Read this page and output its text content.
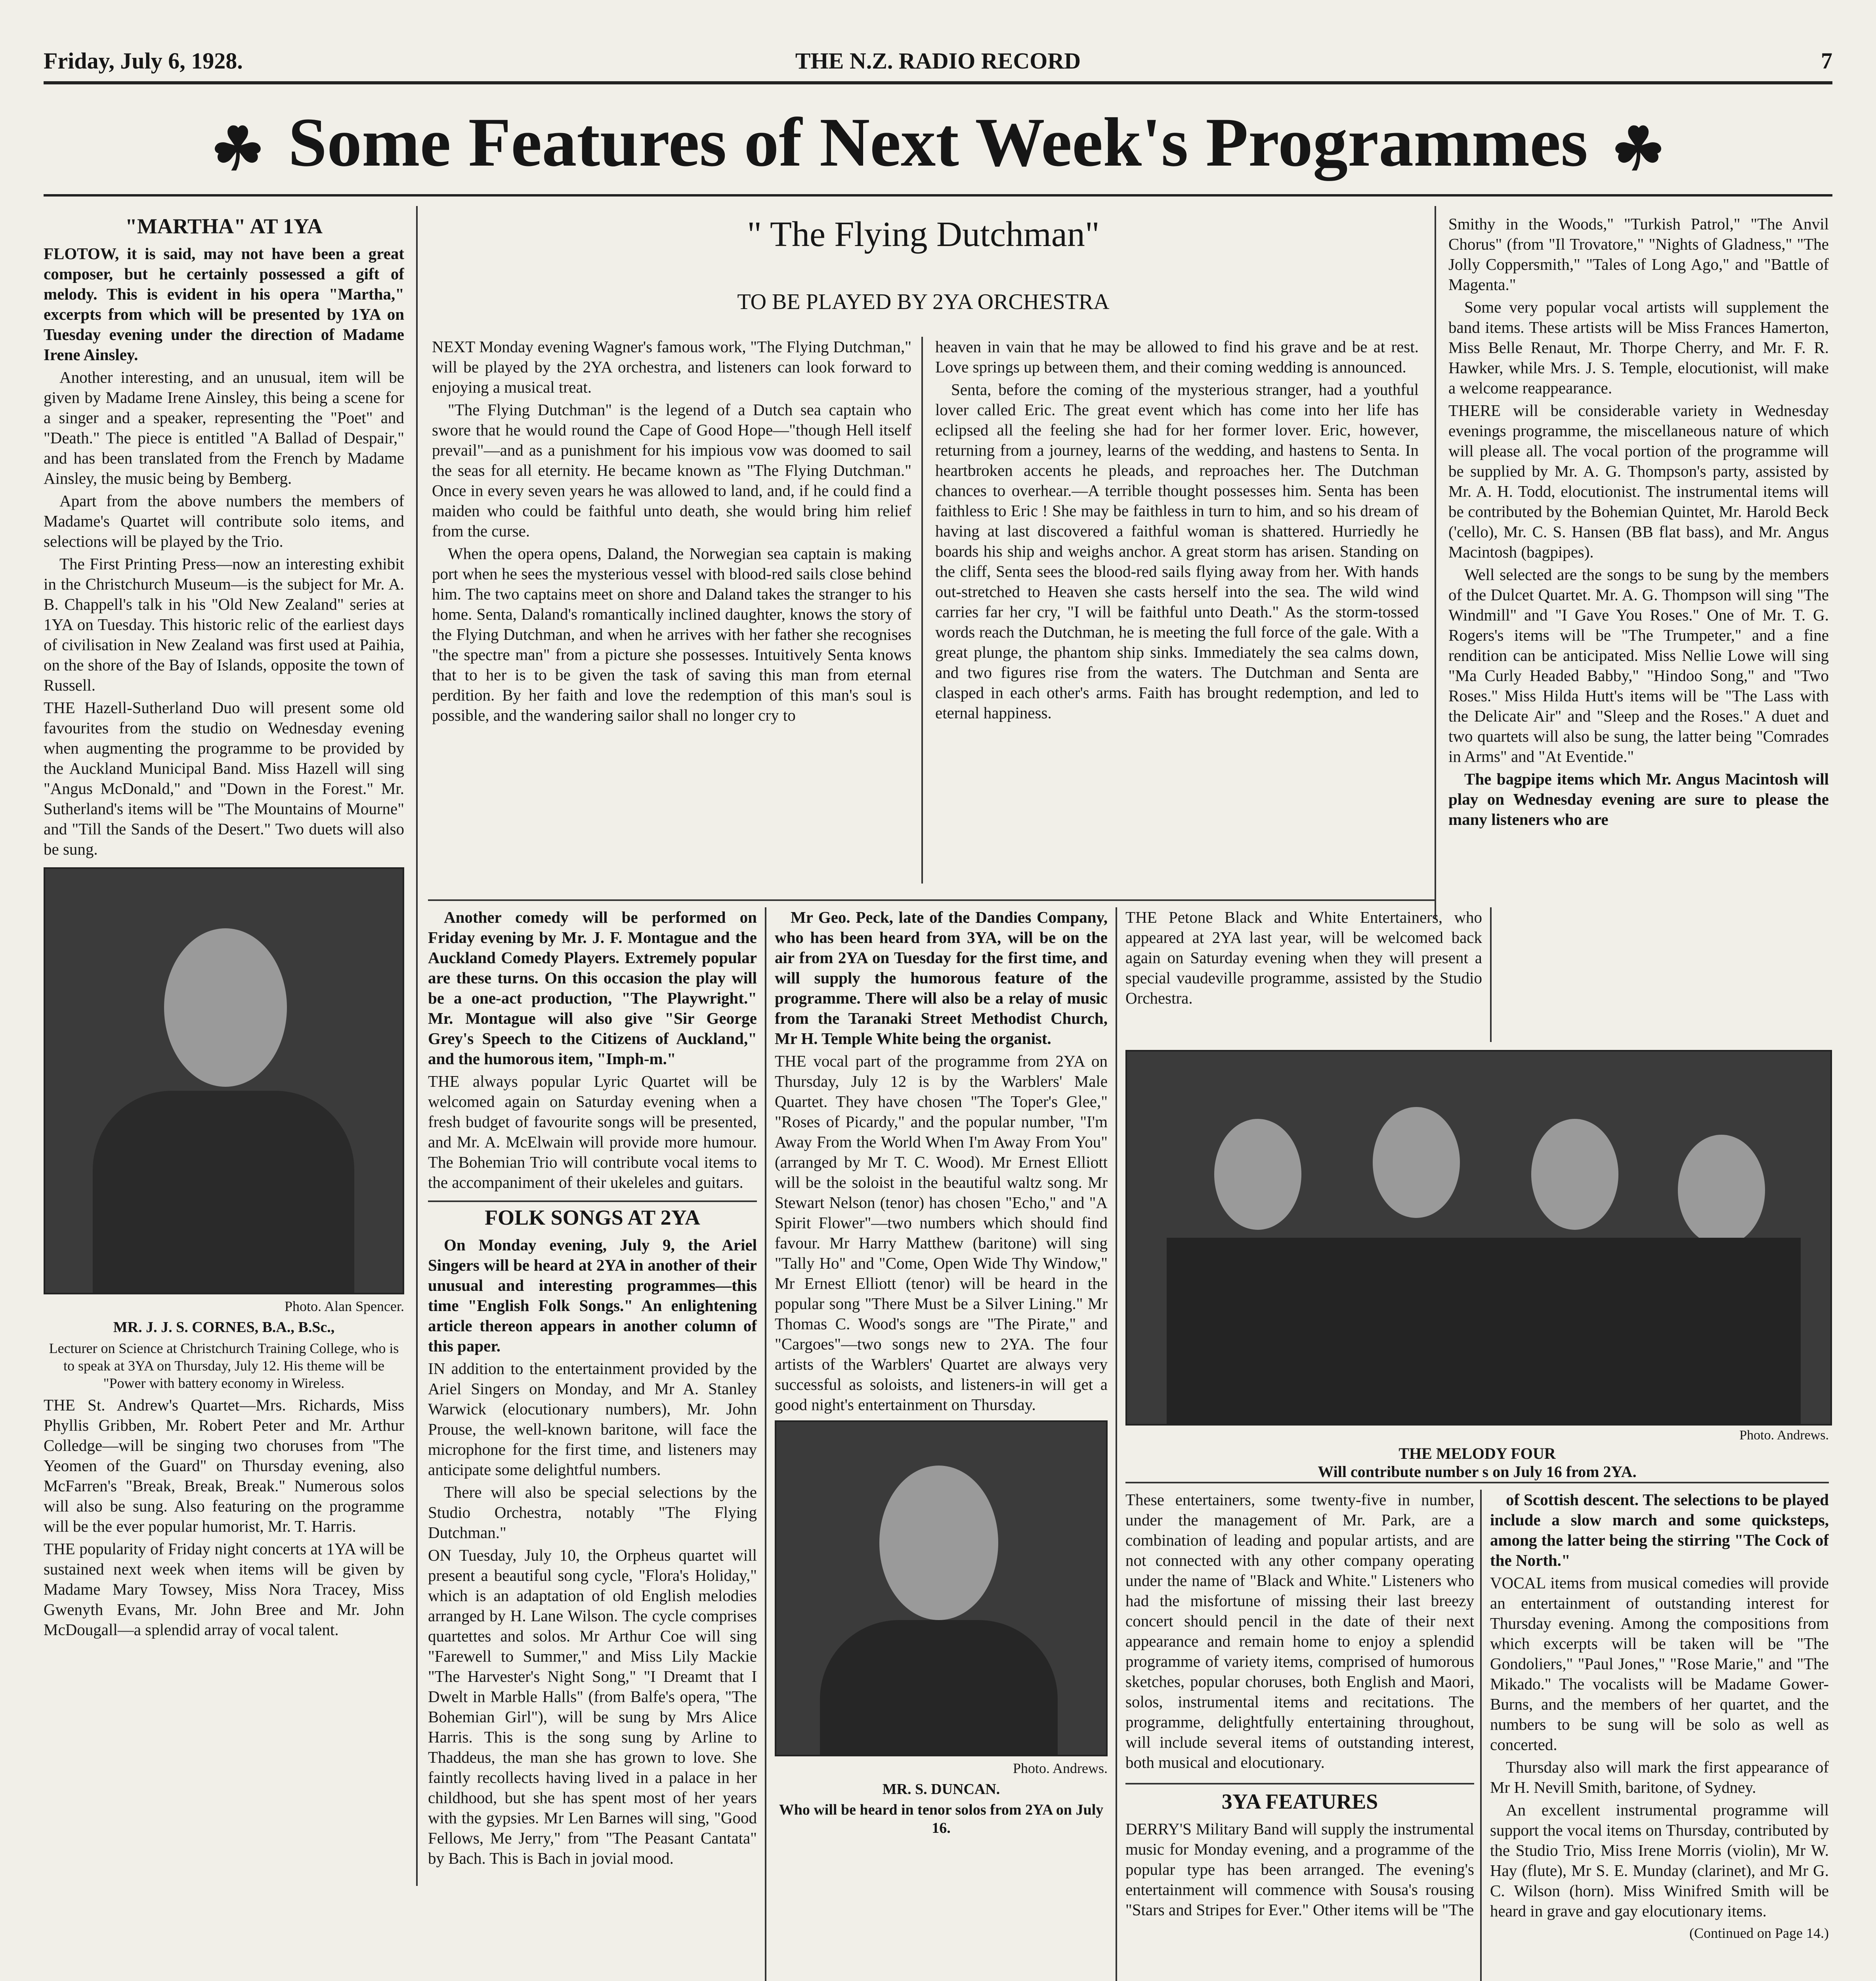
Friday, July 6, 1928.	THE N.Z. RADIO RECORD	7
☘ Some Features of Next Week's Programmes ☘

"MARTHA" AT 1YA

FLOTOW, it is said, may not have been a great composer, but he certainly possessed a gift of melody. This is evident in his opera "Martha," excerpts from which will be presented by 1YA on Tuesday evening under the direction of Madame Irene Ainsley.

Another interesting, and an unusual, item will be given by Madame Irene Ainsley, this being a scene for a singer and a speaker, representing the "Poet" and "Death." The piece is entitled "A Ballad of Despair," and has been translated from the French by Madame Ainsley, the music being by Bemberg.

Apart from the above numbers the members of Madame's Quartet will contribute solo items, and selections will be played by the Trio.

The First Printing Press—now an interesting exhibit in the Christchurch Museum—is the subject for Mr. A. B. Chappell's talk in his "Old New Zealand" series at 1YA on Tuesday. This historic relic of the earliest days of civilisation in New Zealand was first used at Paihia, on the shore of the Bay of Islands, opposite the town of Russell.

THE Hazell-Sutherland Duo will present some old favourites from the studio on Wednesday evening when augmenting the programme to be provided by the Auckland Municipal Band. Miss Hazell will sing "Angus McDonald," and "Down in the Forest." Mr. Sutherland's items will be "The Mountains of Mourne" and "Till the Sands of the Desert." Two duets will also be sung.

Photo. Alan Spencer.

MR. J. J. S. CORNES, B.A., B.Sc.,

Lecturer on Science at Christchurch Training College, who is to speak at 3YA on Thursday, July 12. His theme will be "Power with battery economy in Wireless.

THE St. Andrew's Quartet—Mrs. Richards, Miss Phyllis Gribben, Mr. Robert Peter and Mr. Arthur Colledge—will be singing two choruses from "The Yeomen of the Guard" on Thursday evening, also McFarren's "Break, Break, Break." Numerous solos will also be sung. Also featuring on the programme will be the ever popular humorist, Mr. T. Harris.

THE popularity of Friday night concerts at 1YA will be sustained next week when items will be given by Madame Mary Towsey, Miss Nora Tracey, Miss Gwenyth Evans, Mr. John Bree and Mr. John McDougall—a splendid array of vocal talent.

" The Flying Dutchman"
TO BE PLAYED BY 2YA ORCHESTRA

NEXT Monday evening Wagner's famous work, "The Flying Dutchman," will be played by the 2YA orchestra, and listeners can look forward to enjoying a musical treat.

"The Flying Dutchman" is the legend of a Dutch sea captain who swore that he would round the Cape of Good Hope—"though Hell itself prevail"—and as a punishment for his impious vow was doomed to sail the seas for all eternity. He became known as "The Flying Dutchman." Once in every seven years he was allowed to land, and, if he could find a maiden who could be faithful unto death, she would bring him relief from the curse.

When the opera opens, Daland, the Norwegian sea captain is making port when he sees the mysterious vessel with blood-red sails close behind him. The two captains meet on shore and Daland takes the stranger to his home. Senta, Daland's romantically inclined daughter, knows the story of the Flying Dutchman, and when he arrives with her father she recognises "the spectre man" from a picture she possesses. Intuitively Senta knows that to her is to be given the task of saving this man from eternal perdition. By her faith and love the redemption of this man's soul is possible, and the wandering sailor shall no longer cry to

heaven in vain that he may be allowed to find his grave and be at rest. Love springs up between them, and their coming wedding is announced.

Senta, before the coming of the mysterious stranger, had a youthful lover called Eric. The great event which has come into her life has eclipsed all the feeling she had for her former lover. Eric, however, returning from a journey, learns of the wedding, and hastens to Senta. In heartbroken accents he pleads, and reproaches her. The Dutchman chances to overhear.—A terrible thought possesses him. Senta has been faithless to Eric ! She may be faithless in turn to him, and so his dream of having at last discovered a faithful woman is shattered. Hurriedly he boards his ship and weighs anchor. A great storm has arisen. Standing on the cliff, Senta sees the blood-red sails flying away from her. With hands out-stretched to Heaven she casts herself into the sea. The wild wind carries far her cry, "I will be faithful unto Death." As the storm-tossed words reach the Dutchman, he is meeting the full force of the gale. With a great plunge, the phantom ship sinks. Immediately the sea calms down, and two figures rise from the waters. The Dutchman and Senta are clasped in each other's arms. Faith has brought redemption, and led to eternal happiness.

Smithy in the Woods," "Turkish Patrol," "The Anvil Chorus" (from "Il Trovatore," "Nights of Gladness," "The Jolly Coppersmith," "Tales of Long Ago," and "Battle of Magenta."

Some very popular vocal artists will supplement the band items. These artists will be Miss Frances Hamerton, Miss Belle Renaut, Mr. Thorpe Cherry, and Mr. F. R. Hawker, while Mrs. J. S. Temple, elocutionist, will make a welcome reappearance.

THERE will be considerable variety in Wednesday evenings programme, the miscellaneous nature of which will please all. The vocal portion of the programme will be supplied by Mr. A. G. Thompson's party, assisted by Mr. A. H. Todd, elocutionist. The instrumental items will be contributed by the Bohemian Quintet, Mr. Harold Beck ('cello), Mr. C. S. Hansen (BB flat bass), and Mr. Angus Macintosh (bagpipes).

Well selected are the songs to be sung by the members of the Dulcet Quartet. Mr. A. G. Thompson will sing "The Windmill" and "I Gave You Roses." One of Mr. T. G. Rogers's items will be "The Trumpeter," and a fine rendition can be anticipated. Miss Nellie Lowe will sing "Ma Curly Headed Babby," "Hindoo Song," and "Two Roses." Miss Hilda Hutt's items will be "The Lass with the Delicate Air" and "Sleep and the Roses." A duet and two quartets will also be sung, the latter being "Comrades in Arms" and "At Eventide."

The bagpipe items which Mr. Angus Macintosh will play on Wednesday evening are sure to please the many listeners who are

Another comedy will be performed on Friday evening by Mr. J. F. Montague and the Auckland Comedy Players. Extremely popular are these turns. On this occasion the play will be a one-act production, "The Playwright." Mr. Montague will also give "Sir George Grey's Speech to the Citizens of Auckland," and the humorous item, "Imph-m."

THE always popular Lyric Quartet will be welcomed again on Saturday evening when a fresh budget of favourite songs will be presented, and Mr. A. McElwain will provide more humour. The Bohemian Trio will contribute vocal items to the accompaniment of their ukeleles and guitars.

FOLK SONGS AT 2YA

On Monday evening, July 9, the Ariel Singers will be heard at 2YA in another of their unusual and interesting programmes—this time "English Folk Songs." An enlightening article thereon appears in another column of this paper.

IN addition to the entertainment provided by the Ariel Singers on Monday, and Mr A. Stanley Warwick (elocutionary numbers), Mr. John Prouse, the well-known baritone, will face the microphone for the first time, and listeners may anticipate some delightful numbers.

There will also be special selections by the Studio Orchestra, notably "The Flying Dutchman."

ON Tuesday, July 10, the Orpheus quartet will present a beautiful song cycle, "Flora's Holiday," which is an adaptation of old English melodies arranged by H. Lane Wilson. The cycle comprises quartettes and solos. Mr Arthur Coe will sing "Farewell to Summer," and Miss Lily Mackie "The Harvester's Night Song," "I Dreamt that I Dwelt in Marble Halls" (from Balfe's opera, "The Bohemian Girl"), will be sung by Mrs Alice Harris. This is the song sung by Arline to Thaddeus, the man she has grown to love. She faintly recollects having lived in a palace in her childhood, but she has spent most of her years with the gypsies. Mr Len Barnes will sing, "Good Fellows, Me Jerry," from "The Peasant Cantata" by Bach. This is Bach in jovial mood.

Mr Geo. Peck, late of the Dandies Company, who has been heard from 3YA, will be on the air from 2YA on Tuesday for the first time, and will supply the humorous feature of the programme. There will also be a relay of music from the Taranaki Street Methodist Church, Mr H. Temple White being the organist.

THE vocal part of the programme from 2YA on Thursday, July 12 is by the Warblers' Male Quartet. They have chosen "The Toper's Glee," "Roses of Picardy," and the popular number, "I'm Away From the World When I'm Away From You" (arranged by Mr T. C. Wood). Mr Ernest Elliott will be the soloist in the beautiful waltz song. Mr Stewart Nelson (tenor) has chosen "Echo," and "A Spirit Flower"—two numbers which should find favour. Mr Harry Matthew (baritone) will sing "Tally Ho" and "Come, Open Wide Thy Window," Mr Ernest Elliott (tenor) will be heard in the popular song "There Must be a Silver Lining." Mr Thomas C. Wood's songs are "The Pirate," and "Cargoes"—two songs new to 2YA. The four artists of the Warblers' Quartet are always very successful as soloists, and listeners-in will get a good night's entertainment on Thursday.

Photo. Andrews.

MR. S. DUNCAN.

Who will be heard in tenor solos from 2YA on July 16.

THE Petone Black and White Entertainers, who appeared at 2YA last year, will be welcomed back again on Saturday evening when they will present a special vaudeville programme, assisted by the Studio Orchestra.

Photo. Andrews.
THE MELODY FOUR
Will contribute number s on July 16 from 2YA.

These entertainers, some twenty-five in number, under the management of Mr. Park, are a combination of leading and popular artists, and are not connected with any other company operating under the name of "Black and White." Listeners who had the misfortune of missing their last breezy concert should pencil in the date of their next appearance and remain home to enjoy a splendid programme of variety items, comprised of humorous sketches, popular choruses, both English and Maori, solos, instrumental items and recitations. The programme, delightfully entertaining throughout, will include several items of outstanding interest, both musical and elocutionary.

3YA FEATURES

DERRY'S Military Band will supply the instrumental music for Monday evening, and a programme of the popular type has been arranged. The evening's entertainment will commence with Sousa's rousing "Stars and Stripes for Ever." Other items will be "The

of Scottish descent. The selections to be played include a slow march and some quicksteps, among the latter being the stirring "The Cock of the North."

VOCAL items from musical comedies will provide an entertainment of outstanding interest for Thursday evening. Among the compositions from which excerpts will be taken will be "The Gondoliers," "Paul Jones," "Rose Marie," and "The Mikado." The vocalists will be Madame Gower-Burns, and the members of her quartet, and the numbers to be sung will be solo as well as concerted.

Thursday also will mark the first appearance of Mr H. Nevill Smith, baritone, of Sydney.

An excellent instrumental programme will support the vocal items on Thursday, contributed by the Studio Trio, Miss Irene Morris (violin), Mr W. Hay (flute), Mr S. E. Munday (clarinet), and Mr G. C. Wilson (horn). Miss Winifred Smith will be heard in grave and gay elocutionary items.

(Continued on Page 14.)
